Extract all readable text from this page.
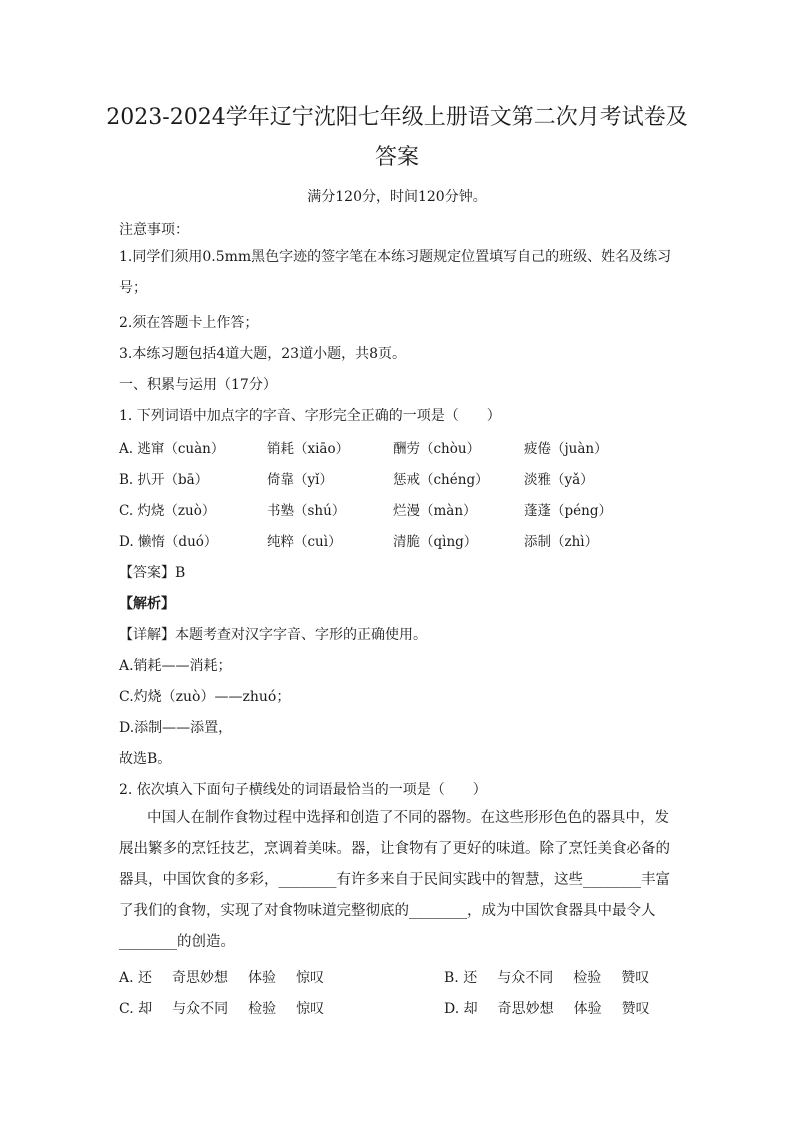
2023-2024学年辽宁沈阳七年级上册语文第二次月考试卷及答案
满分120分，时间120分钟。
注意事项：
1.同学们须用0.5mm黑色字迹的签字笔在本练习题规定位置填写自己的班级、姓名及练习号；
2.须在答题卡上作答；
3.本练习题包括4道大题，23道小题，共8页。
一、积累与运用（17分）
1. 下列词语中加点字的字音、字形完全正确的一项是（　　）
A. 逃窜（cuàn）	销耗（xiāo）	酬劳（chòu）	疲倦（juàn）
B. 扒开（bā）	倚靠（yǐ）	惩戒（chéng）	淡雅（yǎ）
C. 灼烧（zuò）	书塾（shú）	烂漫（màn）	蓬蓬（péng）
D. 懒惰（duó）	纯粹（cuì）	清脆（qìng）	添制（zhì）
【答案】B
【解析】
【详解】本题考查对汉字字音、字形的正确使用。
A.销耗——消耗；
C.灼烧（zuò）——zhuó；
D.添制——添置，
故选B。
2. 依次填入下面句子横线处的词语最恰当的一项是（　　）
中国人在制作食物过程中选择和创造了不同的器物。在这些形形色色的器具中，发展出繁多的烹饪技艺，烹调着美味。器，让食物有了更好的味道。除了烹饪美食必备的器具，中国饮食的多彩，________有许多来自于民间实践中的智慧，这些________丰富了我们的食物，实现了对食物味道完整彻底的________，成为中国饮食器具中最令人________的创造。
A. 还 奇思妙想 体验 惊叹	B. 还 与众不同 检验 赞叹
C. 却 与众不同 检验 惊叹	D. 却 奇思妙想 体验 赞叹
